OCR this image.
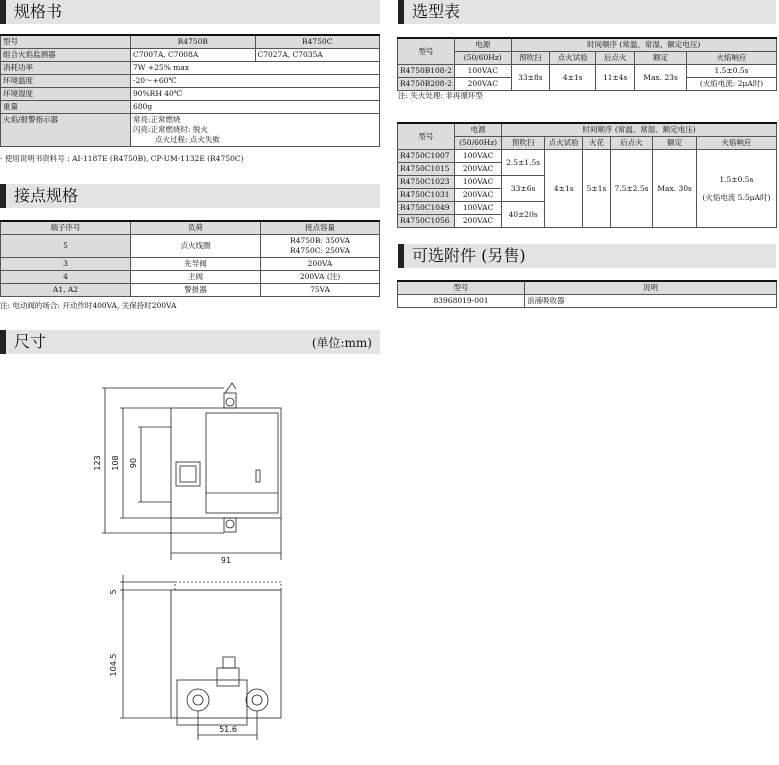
规格书
型号	R4750B	R4750C
组合火焰监测器	C7007A, C7008A	C7027A, C7035A
消耗功率	7W +25% max	
环境温度	-20～+60℃	
环境湿度	90%RH 40℃	
重量	680g	
火焰/报警指示器	常亮:正常燃烧
闪亮:正常燃烧时: 脱火
点火过程: 点火失败	
· 使用说明书资料号 : AI-1187E (R4750B), CP-UM-1132E (R4750C)
接点规格
端子序号	负荷	接点容量
5	点火线圈	R4750B: 350VA
R4750C: 250VA

3	先导阀	200VA
4	主阀	200VA (注)
A1, A2	警报器	75VA
注: 电动阀的场合: 开动作时400VA, 关保持时200VA
尺寸	(单位:mm)
123 108 90
91
5
104.5
51.6
选型表
型号	电源	时间顺序 (常温、常湿、额定电压)				
	(50/60Hz)	预吹扫	点火试验	后点火	额定	火焰响应
R4750B108-2	100VAC	33±8s	4±1s	11±4s	Max. 23s	1.5±0.5s
R4750B208-2	200VAC					(火焰电流: 2μA时)
注: 失火处理: 非再循环型
型号	电源	时间顺序 (常温、常湿、额定电压)					
	(50/60Hz)	预吹扫	点火试验	火花	后点火	额定	火焰响应
R4750C1007	100VAC	2.5±1.5s	4±1s	5±1s	7.5±2.5s	Max. 30s	1.5±0.5s
(火焰电流 5.5μA时)

R4750C1015	200VAC						
R4750C1023	100VAC	33±6s					
R4750C1031	200VAC						
R4750C1049	100VAC	40±20s					
R4750C1056	200VAC						
可选附件 (另售)
型号	说明
83968019-001	浪涌吸收器
